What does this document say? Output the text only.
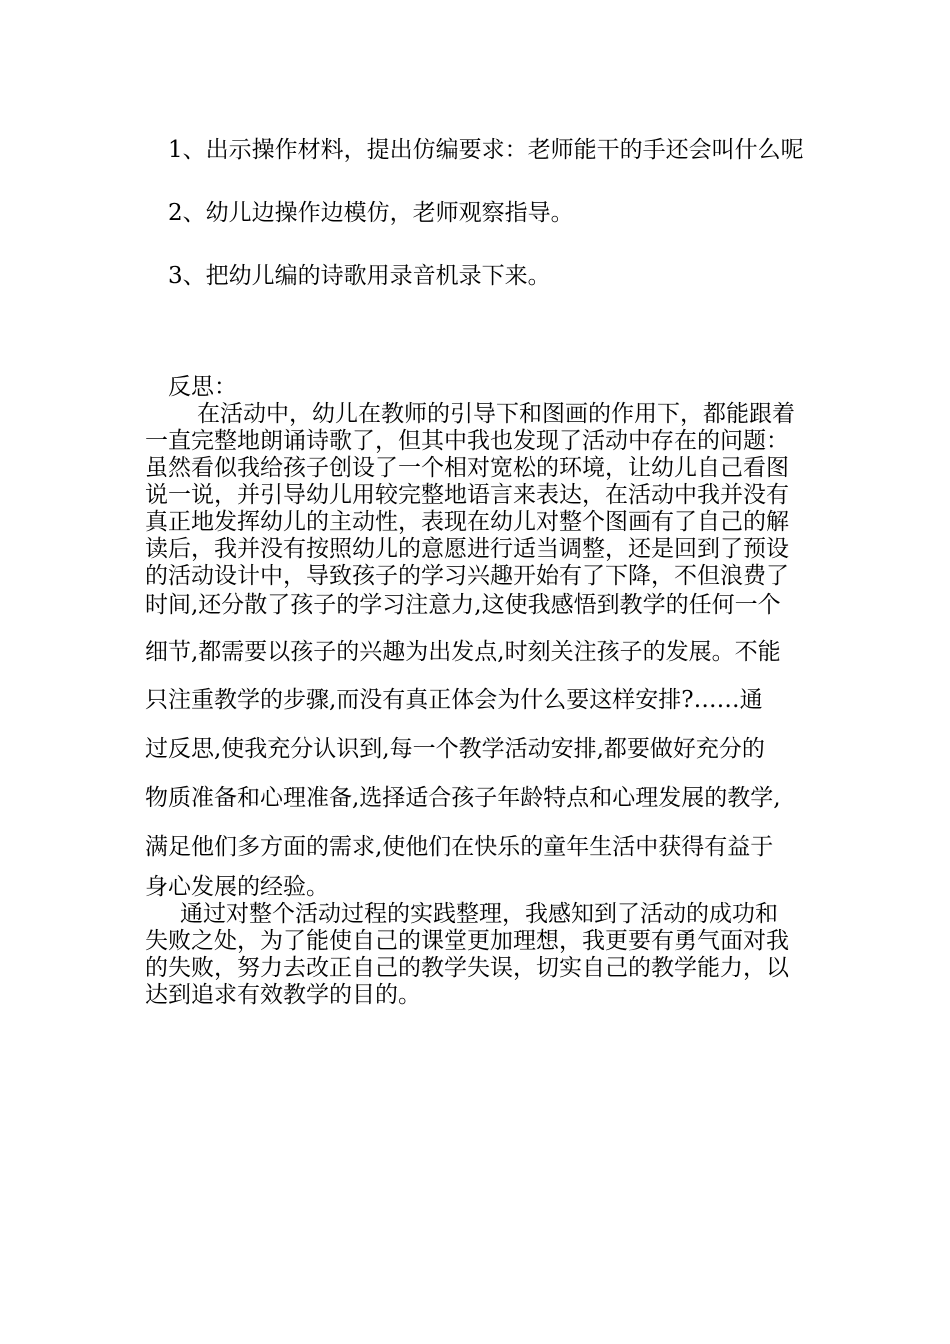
1、出示操作材料，提出仿编要求：老师能干的手还会叫什么呢
2、幼儿边操作边模仿，老师观察指导。
3、把幼儿编的诗歌用录音机录下来。
反思：
在活动中，幼儿在教师的引导下和图画的作用下，都能跟着
一直完整地朗诵诗歌了，但其中我也发现了活动中存在的问题：
虽然看似我给孩子创设了一个相对宽松的环境，让幼儿自己看图
说一说，并引导幼儿用较完整地语言来表达，在活动中我并没有
真正地发挥幼儿的主动性，表现在幼儿对整个图画有了自己的解
读后，我并没有按照幼儿的意愿进行适当调整，还是回到了预设
的活动设计中，导致孩子的学习兴趣开始有了下降，不但浪费了
时间,还分散了孩子的学习注意力,这使我感悟到教学的任何一个
细节,都需要以孩子的兴趣为出发点,时刻关注孩子的发展。不能
只注重教学的步骤,而没有真正体会为什么要这样安排?……通
过反思,使我充分认识到,每一个教学活动安排,都要做好充分的
物质准备和心理准备,选择适合孩子年龄特点和心理发展的教学,
满足他们多方面的需求,使他们在快乐的童年生活中获得有益于
身心发展的经验。
通过对整个活动过程的实践整理，我感知到了活动的成功和
失败之处，为了能使自己的课堂更加理想，我更要有勇气面对我
的失败，努力去改正自己的教学失误，切实自己的教学能力，以
达到追求有效教学的目的。
